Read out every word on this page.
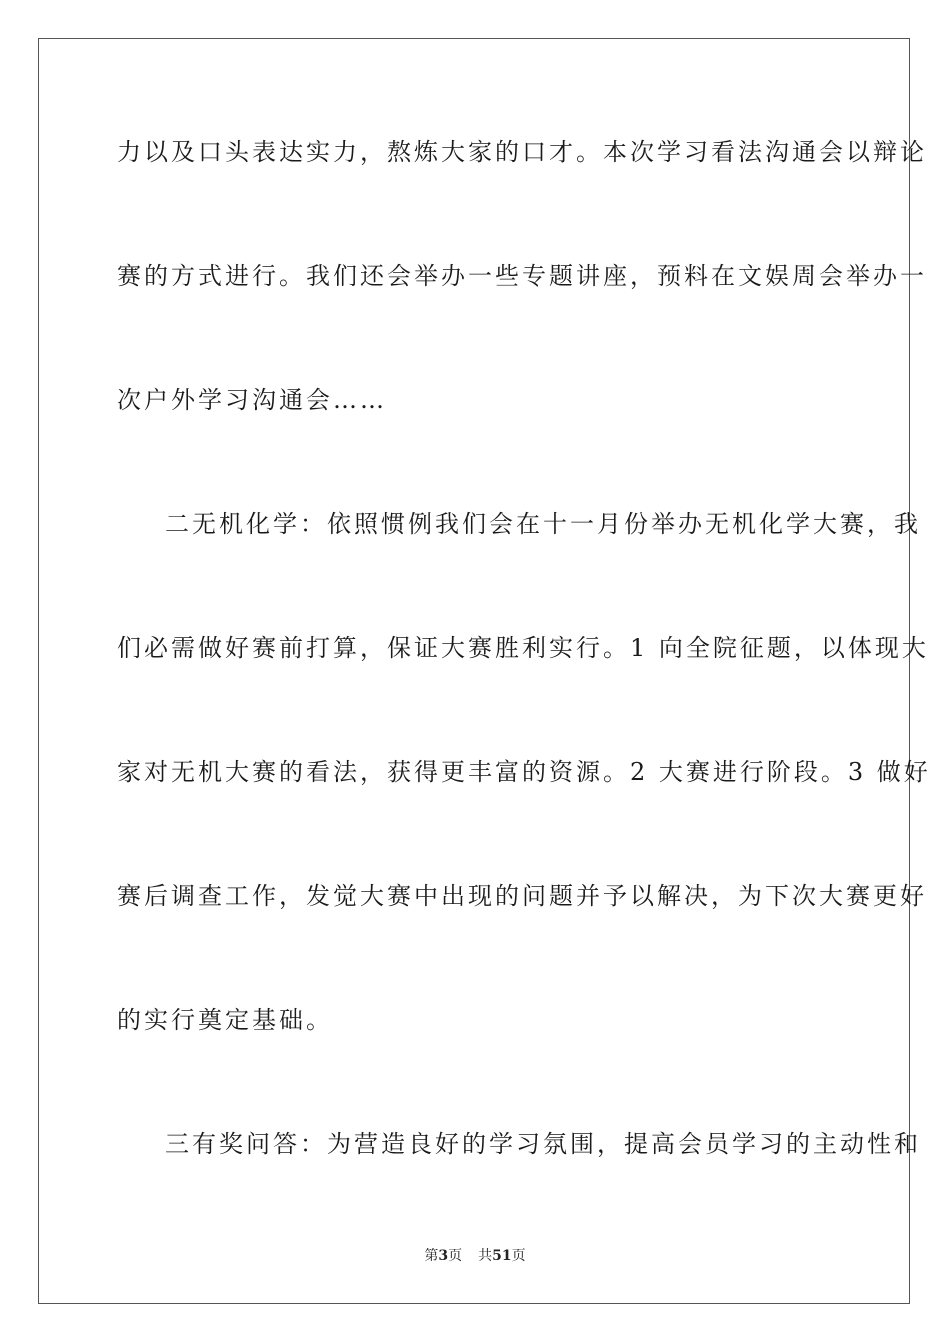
力以及口头表达实力，熬炼大家的口才。本次学习看法沟通会以辩论
赛的方式进行。我们还会举办一些专题讲座，预料在文娱周会举办一
次户外学习沟通会……
二无机化学：依照惯例我们会在十一月份举办无机化学大赛，我
们必需做好赛前打算，保证大赛胜利实行。1 向全院征题，以体现大
家对无机大赛的看法，获得更丰富的资源。2 大赛进行阶段。3 做好
赛后调查工作，发觉大赛中出现的问题并予以解决，为下次大赛更好
的实行奠定基础。
三有奖问答：为营造良好的学习氛围，提高会员学习的主动性和
第3页 共51页
